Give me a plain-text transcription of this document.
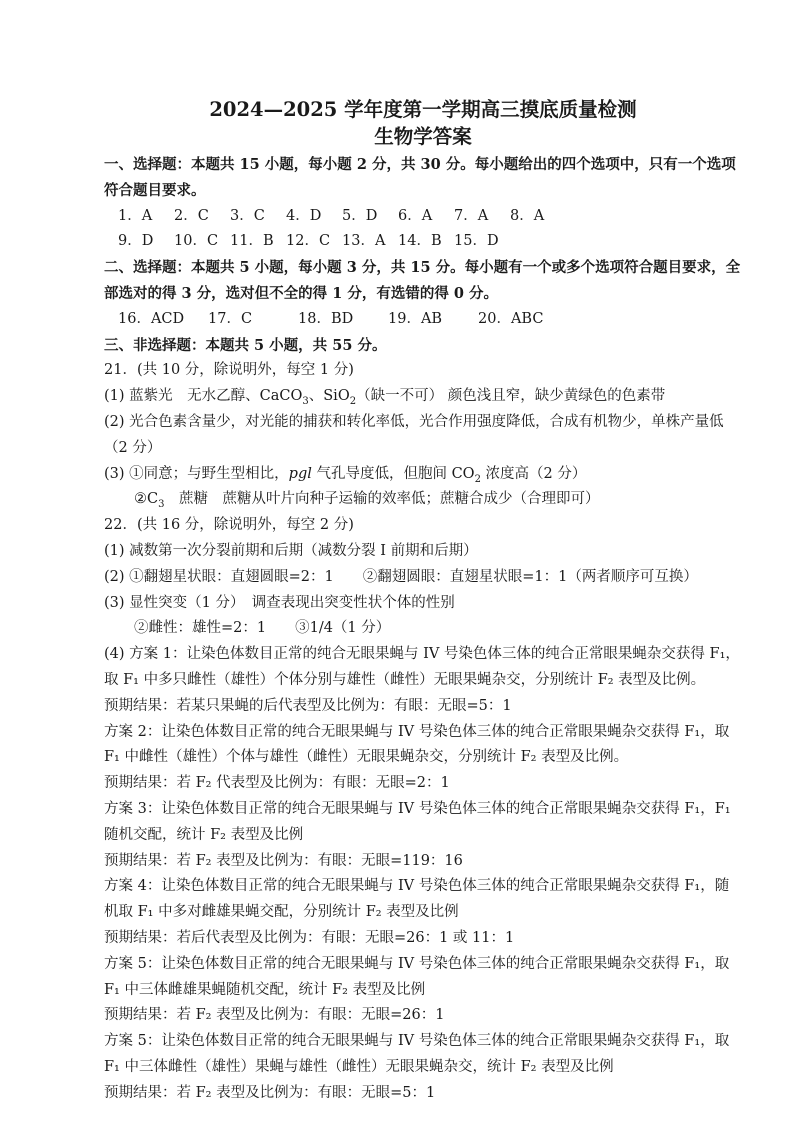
2024—2025 学年度第一学期高三摸底质量检测
生物学答案
一、选择题：本题共 15 小题，每小题 2 分，共 30 分。每小题给出的四个选项中，只有一个选项符合题目要求。
1．A	2．C	3．C	4．D	5．D	6．A	7．A	8．A
9．D	10．C 11．B 12．C 13．A 14．B 15．D
二、选择题：本题共 5 小题，每小题 3 分，共 15 分。每小题有一个或多个选项符合题目要求，全部选对的得 3 分，选对但不全的得 1 分，有选错的得 0 分。
16．ACD	17．C	18．BD	19．AB	20．ABC
三、非选择题：本题共 5 小题，共 55 分。
21．(共 10 分，除说明外，每空 1 分)
(1) 蓝紫光　无水乙醇、CaCO$_3$、SiO$_2$（缺一不可） 颜色浅且窄，缺少黄绿色的色素带
(2) 光合色素含量少，对光能的捕获和转化率低，光合作用强度降低，合成有机物少，单株产量低（2 分）
(3) ①同意；与野生型相比，pgl 气孔导度低，但胞间 $CO_2$ 浓度高（2 分）
$②C_3$　蔗糖　蔗糖从叶片向种子运输的效率低；蔗糖合成少（合理即可）
22．(共 16 分，除说明外，每空 2 分)
(1) 减数第一次分裂前期和后期（减数分裂 I 前期和后期）
(2) ①翻翅星状眼：直翅圆眼=2：1　　②翻翅圆眼：直翅星状眼=1：1（两者顺序可互换）
(3) 显性突变（1 分）　调查表现出突变性状个体的性别
②雌性：雄性=2：1　　③1/4（1 分）
(4) 方案 1：让染色体数目正常的纯合无眼果蝇与 IV 号染色体三体的纯合正常眼果蝇杂交获得 F₁，取 F₁ 中多只雌性（雄性）个体分别与雄性（雌性）无眼果蝇杂交，分别统计 F₂ 表型及比例。
预期结果：若某只果蝇的后代表型及比例为：有眼：无眼=5：1
方案 2：让染色体数目正常的纯合无眼果蝇与 IV 号染色体三体的纯合正常眼果蝇杂交获得 F₁，取 F₁ 中雌性（雄性）个体与雄性（雌性）无眼果蝇杂交，分别统计 F₂ 表型及比例。
预期结果：若 F₂ 代表型及比例为：有眼：无眼=2：1
方案 3：让染色体数目正常的纯合无眼果蝇与 IV 号染色体三体的纯合正常眼果蝇杂交获得 F₁，F₁ 随机交配，统计 F₂ 表型及比例
预期结果：若 F₂ 表型及比例为：有眼：无眼=119：16
方案 4：让染色体数目正常的纯合无眼果蝇与 IV 号染色体三体的纯合正常眼果蝇杂交获得 F₁，随机取 F₁ 中多对雌雄果蝇交配，分别统计 F₂ 表型及比例
预期结果：若后代表型及比例为：有眼：无眼=26：1 或 11：1
方案 5：让染色体数目正常的纯合无眼果蝇与 IV 号染色体三体的纯合正常眼果蝇杂交获得 F₁，取 F₁ 中三体雌雄果蝇随机交配，统计 F₂ 表型及比例
预期结果：若 F₂ 表型及比例为：有眼：无眼=26：1
方案 5：让染色体数目正常的纯合无眼果蝇与 IV 号染色体三体的纯合正常眼果蝇杂交获得 F₁，取 F₁ 中三体雌性（雄性）果蝇与雄性（雌性）无眼果蝇杂交，统计 F₂ 表型及比例
预期结果：若 F₂ 表型及比例为：有眼：无眼=5：1
